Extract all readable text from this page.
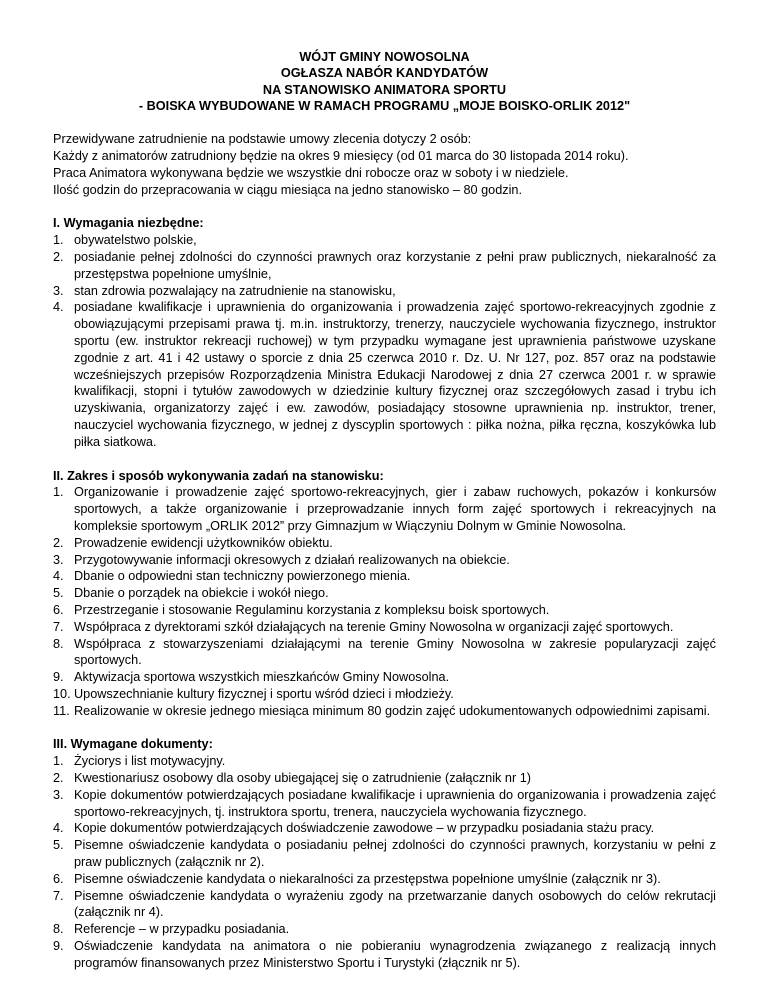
WÓJT GMINY NOWOSOLNA
OGŁASZA NABÓR KANDYDATÓW
NA STANOWISKO ANIMATORA SPORTU
- BOISKA WYBUDOWANE W RAMACH PROGRAMU „MOJE BOISKO-ORLIK 2012"
Przewidywane zatrudnienie na podstawie umowy zlecenia dotyczy 2 osób:
Każdy z animatorów zatrudniony będzie na okres 9 miesięcy (od 01 marca do 30 listopada 2014 roku).
Praca Animatora wykonywana będzie we wszystkie dni robocze oraz w soboty i w niedziele.
Ilość godzin do przepracowania w ciągu miesiąca na jedno stanowisko – 80 godzin.
I. Wymagania niezbędne:
1. obywatelstwo polskie,
2. posiadanie pełnej zdolności do czynności prawnych oraz korzystanie z pełni praw publicznych, niekaralność za przestępstwa popełnione umyślnie,
3. stan zdrowia pozwalający na zatrudnienie na stanowisku,
4. posiadane kwalifikacje i uprawnienia do organizowania i prowadzenia zajęć sportowo-rekreacyjnych zgodnie z obowiązującymi przepisami prawa tj. m.in. instruktorzy, trenerzy, nauczyciele wychowania fizycznego, instruktor sportu (ew. instruktor rekreacji ruchowej) w tym przypadku wymagane jest uprawnienia państwowe uzyskane zgodnie z art. 41 i 42 ustawy o sporcie z dnia 25 czerwca 2010 r. Dz. U. Nr 127, poz. 857 oraz na podstawie wcześniejszych przepisów Rozporządzenia Ministra Edukacji Narodowej z dnia 27 czerwca 2001 r. w sprawie kwalifikacji, stopni i tytułów zawodowych w dziedzinie kultury fizycznej oraz szczegółowych zasad i trybu ich uzyskiwania, organizatorzy zajęć i ew. zawodów, posiadający stosowne uprawnienia np. instruktor, trener, nauczyciel wychowania fizycznego, w jednej z dyscyplin sportowych : piłka nożna, piłka ręczna, koszykówka lub piłka siatkowa.
II. Zakres i sposób wykonywania zadań na stanowisku:
1. Organizowanie i prowadzenie zajęć sportowo-rekreacyjnych, gier i zabaw ruchowych, pokazów i konkursów sportowych, a także organizowanie i przeprowadzanie innych form zajęć sportowych i rekreacyjnych na kompleksie sportowym „ORLIK 2012” przy Gimnazjum w Wiączyniu Dolnym w Gminie Nowosolna.
2. Prowadzenie ewidencji użytkowników obiektu.
3. Przygotowywanie informacji okresowych z działań realizowanych na obiekcie.
4. Dbanie o odpowiedni stan techniczny powierzonego mienia.
5. Dbanie o porządek na obiekcie i wokół niego.
6. Przestrzeganie i stosowanie Regulaminu korzystania z kompleksu boisk sportowych.
7. Współpraca z dyrektorami szkół działających na terenie Gminy Nowosolna w organizacji zajęć sportowych.
8. Współpraca z stowarzyszeniami działającymi na terenie Gminy Nowosolna w zakresie popularyzacji zajęć sportowych.
9. Aktywizacja sportowa wszystkich mieszkańców Gminy Nowosolna.
10. Upowszechnianie kultury fizycznej i sportu wśród dzieci i młodzieży.
11. Realizowanie w okresie jednego miesiąca minimum 80 godzin zajęć udokumentowanych odpowiednimi zapisami.
III. Wymagane dokumenty:
1. Życiorys i list motywacyjny.
2. Kwestionariusz osobowy dla osoby ubiegającej się o zatrudnienie (załącznik nr 1)
3. Kopie dokumentów potwierdzających posiadane kwalifikacje i uprawnienia do organizowania i prowadzenia zajęć sportowo-rekreacyjnych, tj. instruktora sportu, trenera, nauczyciela wychowania fizycznego.
4. Kopie dokumentów potwierdzających doświadczenie zawodowe – w przypadku posiadania stażu pracy.
5. Pisemne oświadczenie kandydata o posiadaniu pełnej zdolności do czynności prawnych, korzystaniu w pełni z praw publicznych (załącznik nr 2).
6. Pisemne oświadczenie kandydata o niekaralności za przestępstwa popełnione umyślnie (załącznik nr 3).
7. Pisemne oświadczenie kandydata o wyrażeniu zgody na przetwarzanie danych osobowych do celów rekrutacji (załącznik nr 4).
8. Referencje – w przypadku posiadania.
9. Oświadczenie kandydata na animatora o nie pobieraniu wynagrodzenia związanego z realizacją innych programów finansowanych przez Ministerstwo Sportu i Turystyki (złącznik nr 5).
